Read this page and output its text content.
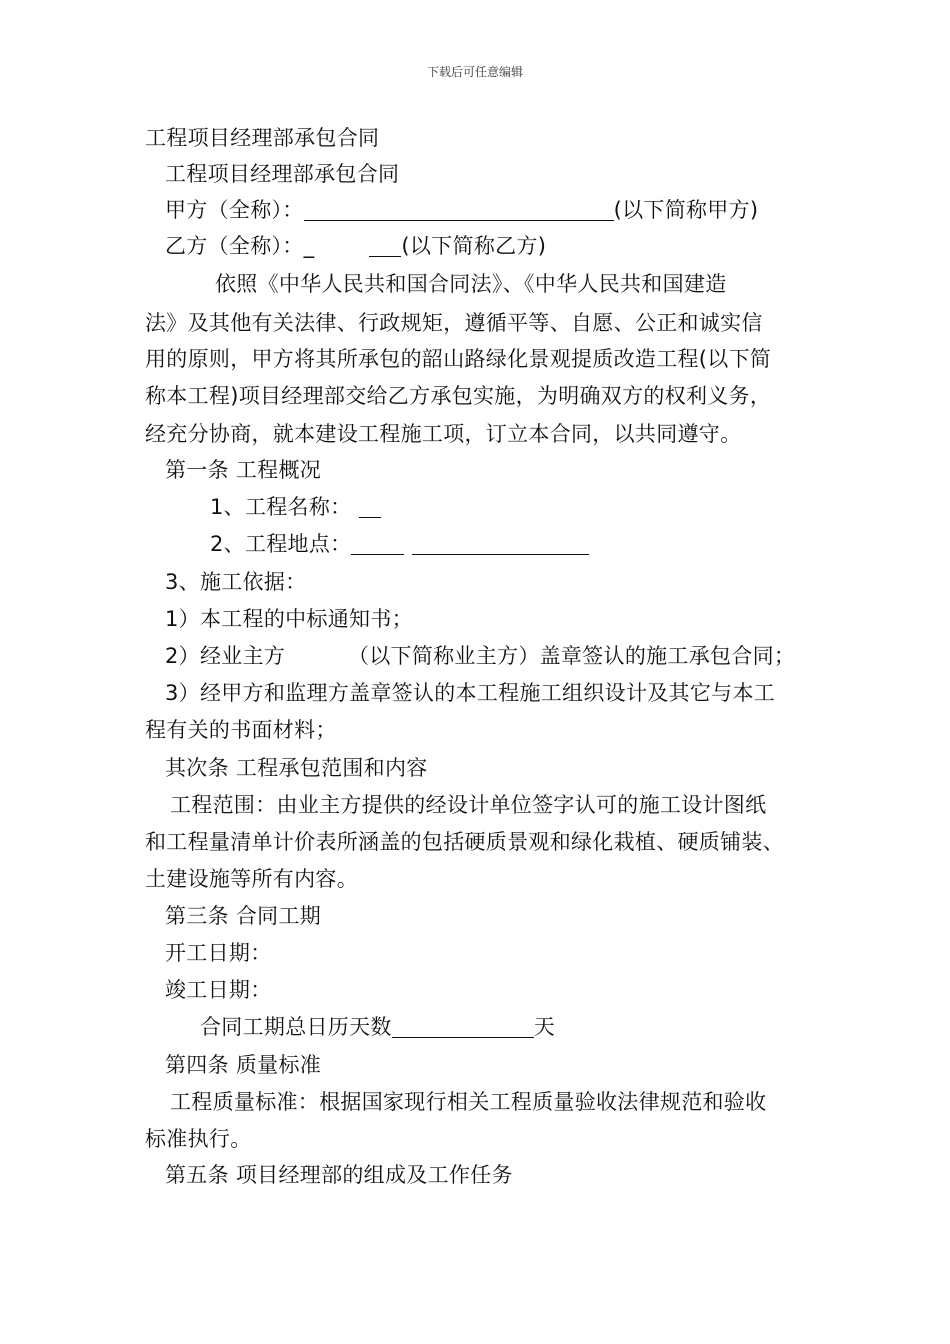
下载后可任意编辑
工程项目经理部承包合同
工程项目经理部承包合同
甲方（全称）：	(以下简称甲方)
乙方（全称）：_	(以下简称乙方)
依照《中华人民共和国合同法》、《中华人民共和国建造
法》及其他有关法律、行政规矩，遵循平等、自愿、公正和诚实信
用的原则，甲方将其所承包的韶山路绿化景观提质改造工程(以下简
称本工程)项目经理部交给乙方承包实施，为明确双方的权利义务，
经充分协商，就本建设工程施工项，订立本合同，以共同遵守。
第一条 工程概况
1、工程名称：
2、工程地点：
3、施工依据：
1）本工程的中标通知书；
2）经业主方         （以下简称业主方）盖章签认的施工承包合同；
3）经甲方和监理方盖章签认的本工程施工组织设计及其它与本工
程有关的书面材料；
其次条 工程承包范围和内容
工程范围：由业主方提供的经设计单位签字认可的施工设计图纸
和工程量清单计价表所涵盖的包括硬质景观和绿化栽植、硬质铺装、
土建设施等所有内容。
第三条 合同工期
开工日期：
竣工日期：
合同工期总日历天数	天
第四条 质量标准
工程质量标准：根据国家现行相关工程质量验收法律规范和验收
标准执行。
第五条 项目经理部的组成及工作任务
